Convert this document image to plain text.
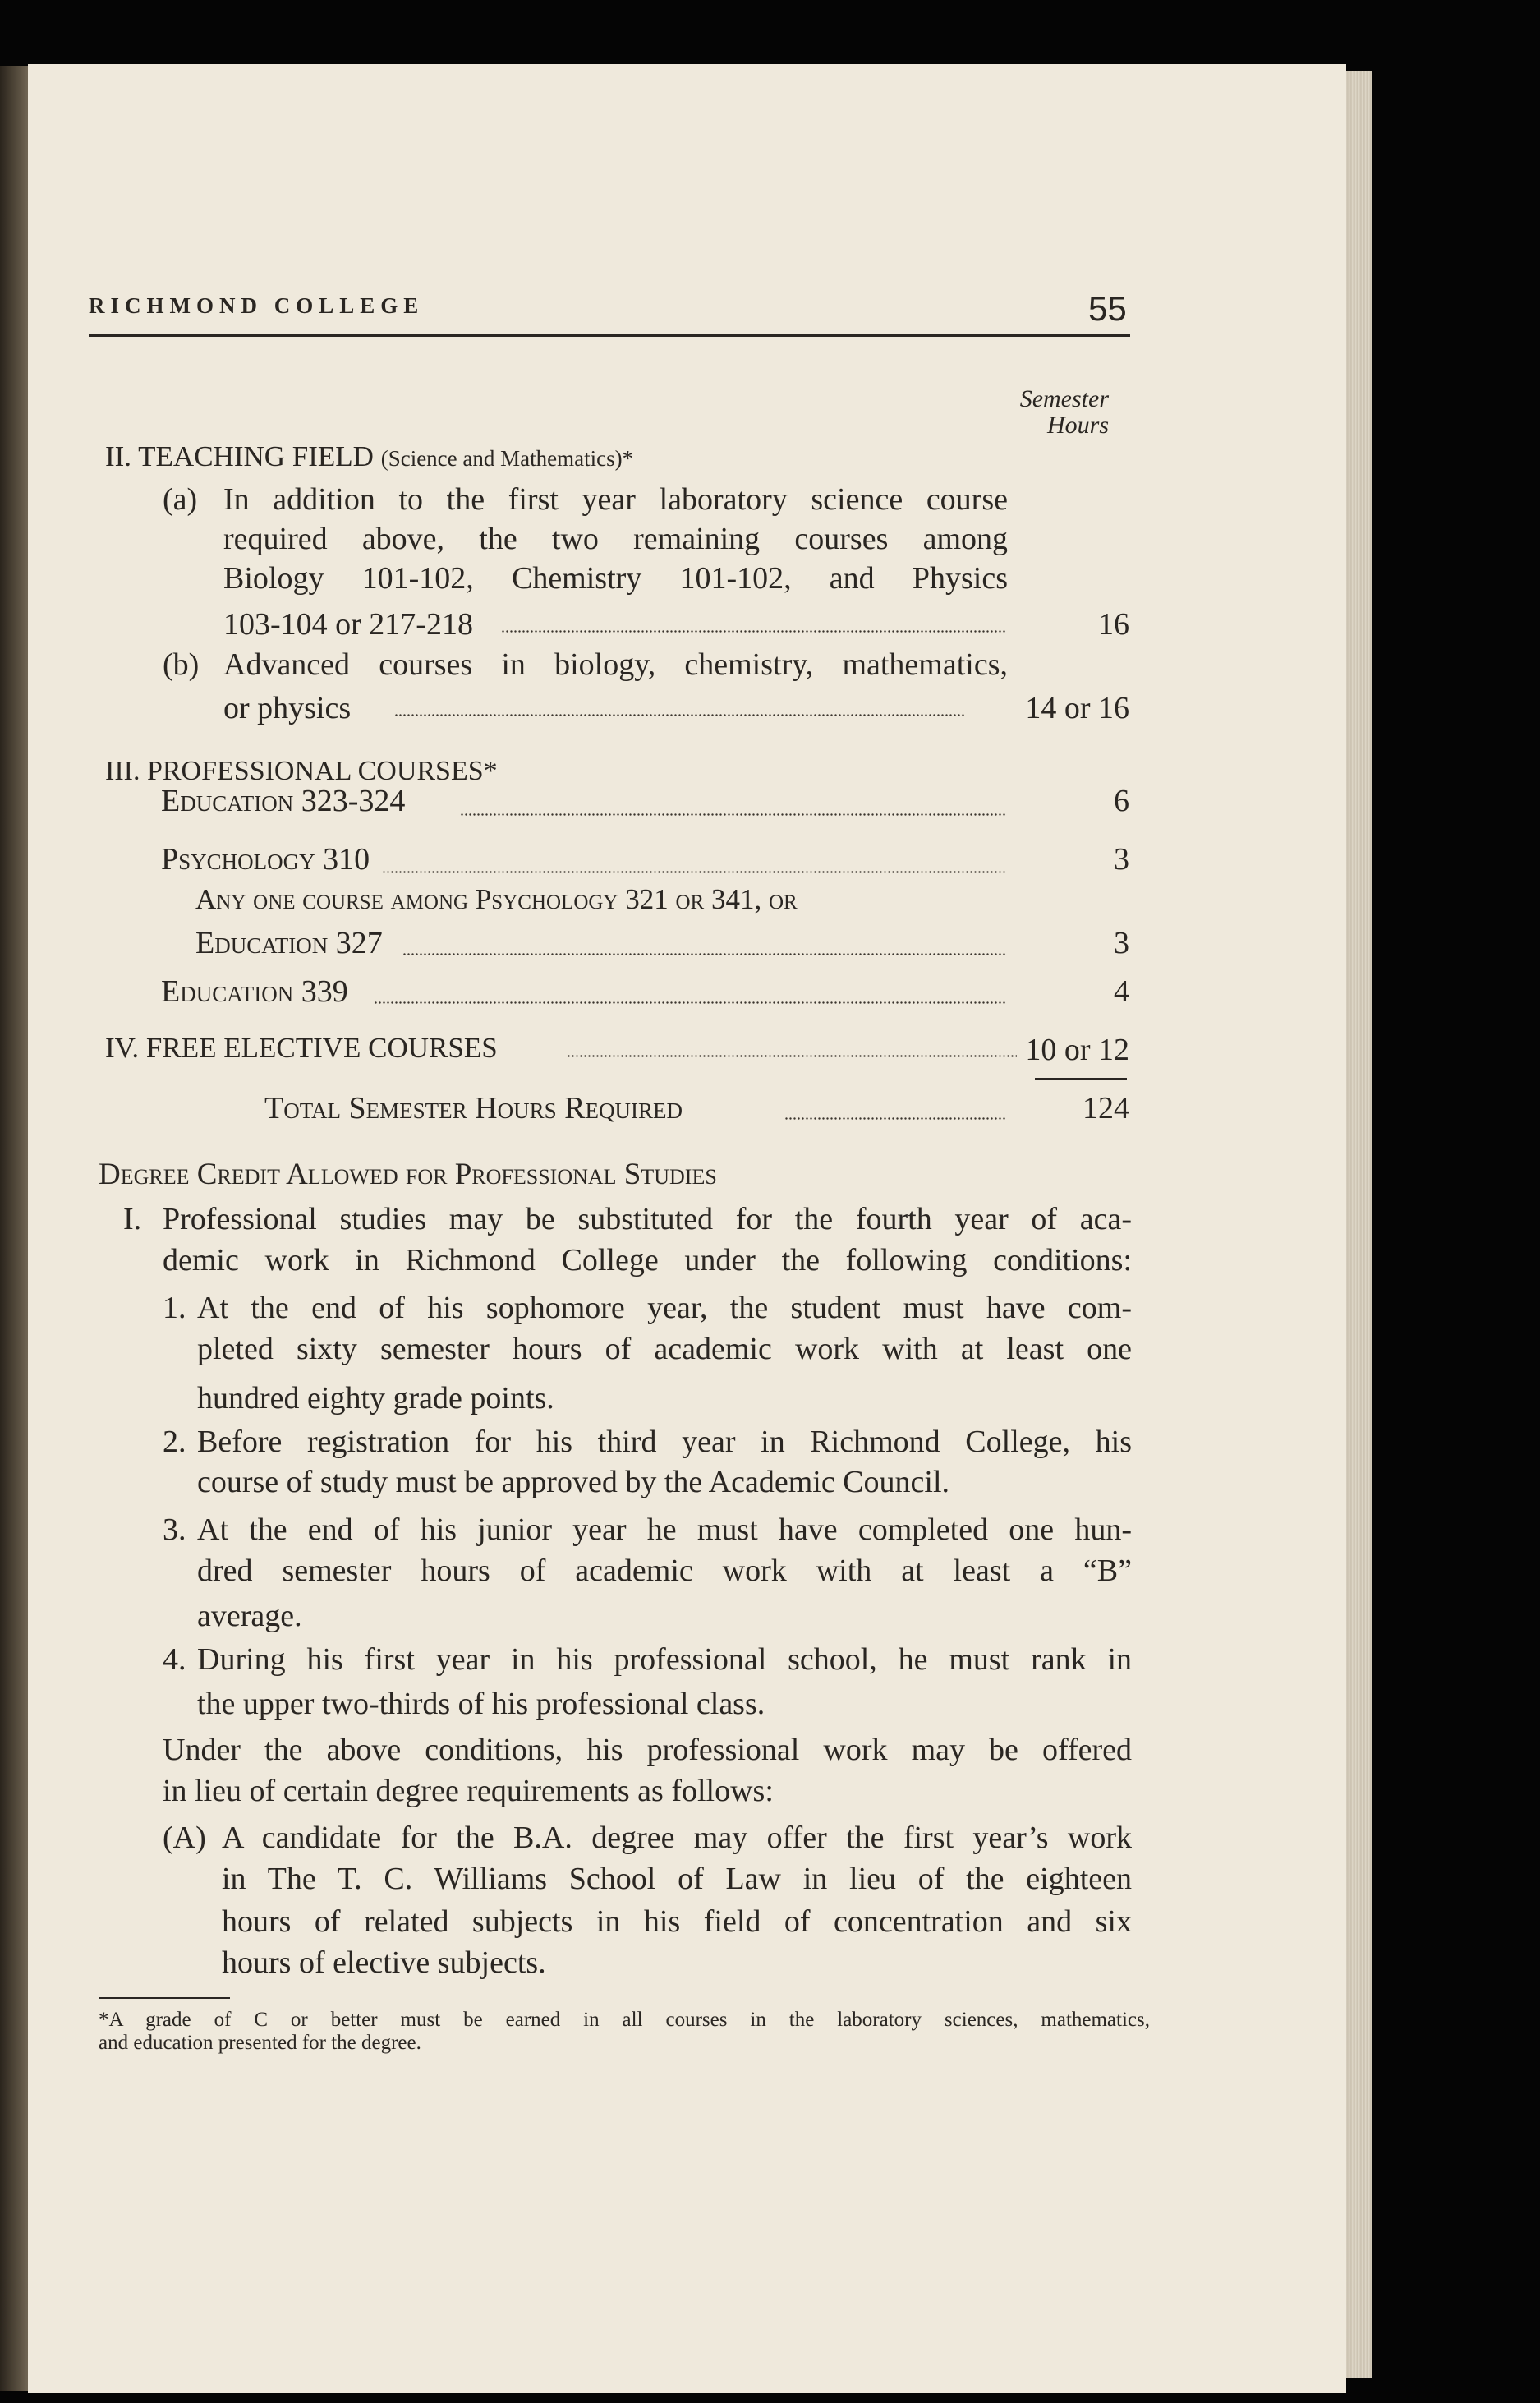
RICHMOND COLLEGE	55
Semester
Hours
II. TEACHING FIELD (Science and Mathematics)*
(a) In addition to the first year laboratory science course
required above, the two remaining courses among
Biology 101-102, Chemistry 101-102, and Physics
103-104 or 217-218	16
(b) Advanced courses in biology, chemistry, mathematics,
or physics	14 or 16
III. PROFESSIONAL COURSES*
Education 323-324	6
Psychology 310	3
Any one course among Psychology 321 or 341, or
Education 327	3
Education 339	4
IV. FREE ELECTIVE COURSES	10 or 12
Total Semester Hours Required	124
Degree Credit Allowed for Professional Studies
I. Professional studies may be substituted for the fourth year of aca-
demic work in Richmond College under the following conditions:
1. At the end of his sophomore year, the student must have com-
pleted sixty semester hours of academic work with at least one
hundred eighty grade points.
2. Before registration for his third year in Richmond College, his
course of study must be approved by the Academic Council.
3. At the end of his junior year he must have completed one hun-
dred semester hours of academic work with at least a “B”
average.
4. During his first year in his professional school, he must rank in
the upper two-thirds of his professional class.
Under the above conditions, his professional work may be offered
in lieu of certain degree requirements as follows:
(A) A candidate for the B.A. degree may offer the first year’s work
in The T. C. Williams School of Law in lieu of the eighteen
hours of related subjects in his field of concentration and six
hours of elective subjects.
*A grade of C or better must be earned in all courses in the laboratory sciences, mathematics,
and education presented for the degree.
